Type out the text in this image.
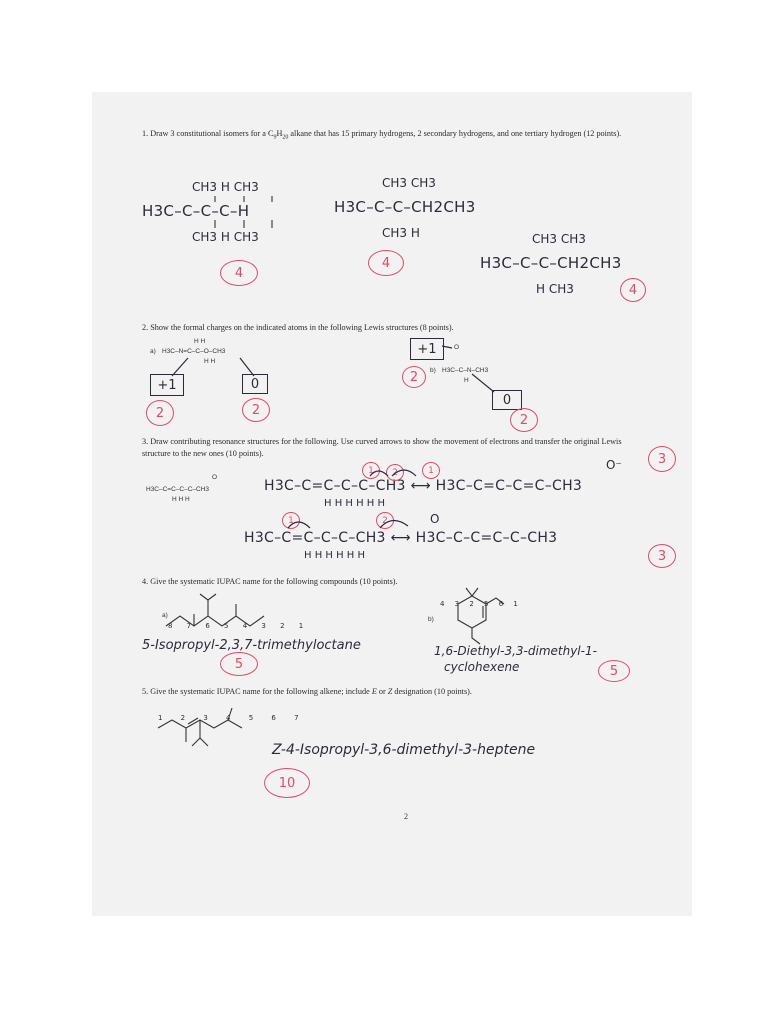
1. Draw 3 constitutional isomers for a $C_9H_{20}$ alkane that has 15 primary hydrogens, 2 secondary hydrogens, and one tertiary hydrogen (12 points).
CH3 H CH3
H3C–C–C–C–H
CH3 H CH3
4
CH3 CH3
H3C–C–C–CH2CH3
CH3 H
4
CH3 CH3
H3C–C–C–CH2CH3
H CH3	4
2. Show the formal charges on the indicated atoms in the following Lewis structures (8 points).
H H
a) H3C–N=C–C–O–CH3
H H
+1	0
2	2
+1	O
2	b) H3C–C–N–CH3
H
0
2
3. Draw contributing resonance structures for the following. Use curved arrows to show the movement of electrons and transfer the original Lewis structure to the new ones (10 points).
O
H3C–C=C–C–C–CH3
H H H
H3C–C=C–C–C–CH3 ⟷ H3C–C=C–C=C–CH3
H H H H H H
O⁻	3
O
H3C–C=C–C–C–CH3 ⟷ H3C–C–C=C–C–CH3
H H H H H H	3
1	2	1
1	2
4. Give the systematic IUPAC name for the following compounds (10 points).
a)
8 7 6 5 4 3 2 1
5-Isopropyl-2,3,7-trimethyloctane
5
b)
4 3 2 5 6 1
1,6-Diethyl-3,3-dimethyl-1-
cyclohexene	5
5. Give the systematic IUPAC name for the following alkene; include E or Z designation (10 points).
1 2 3 4 5 6 7
Z-4-Isopropyl-3,6-dimethyl-3-heptene
10
2
